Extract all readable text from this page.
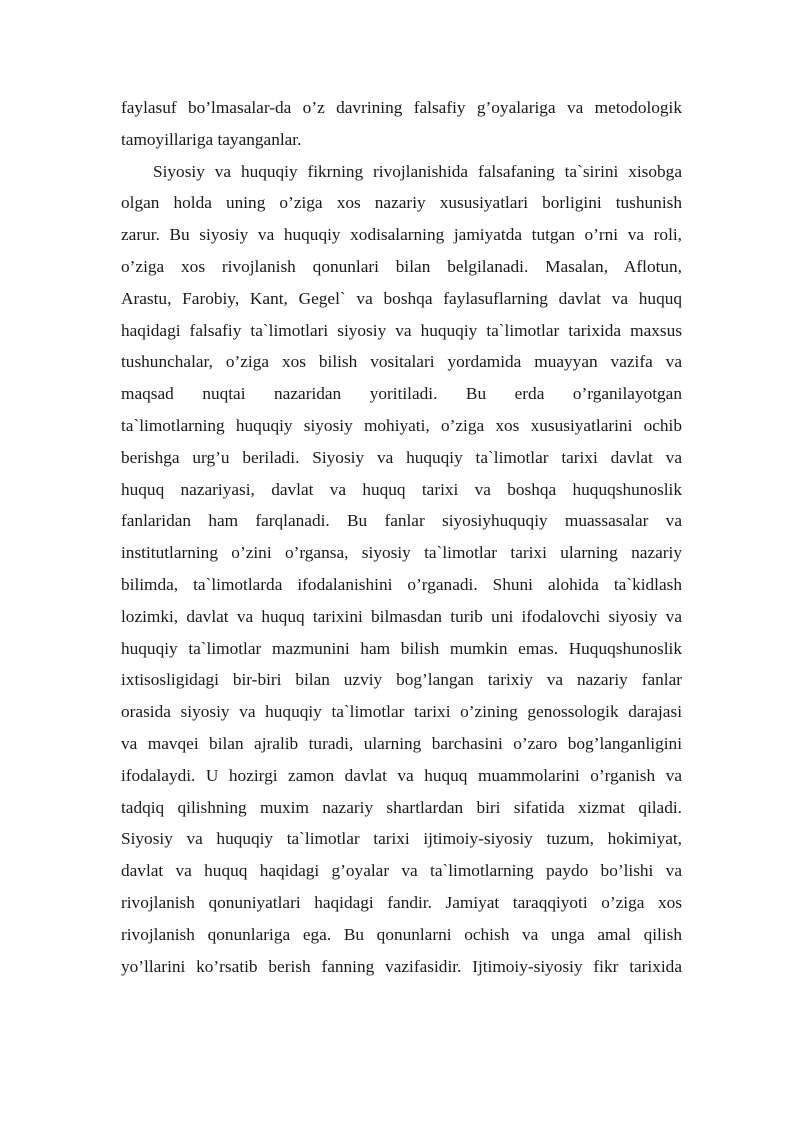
faylasuf bo’lmasalar-da o’z davrining falsafiy g’oyalariga va metodologik
tamoyillariga tayanganlar.
Siyosiy va huquqiy fikrning rivojlanishida falsafaning ta`sirini xisobga
olgan holda uning o’ziga xos nazariy xususiyatlari borligini tushunish
zarur. Bu siyosiy va huquqiy xodisalarning jamiyatda tutgan o’rni va roli,
o’ziga xos rivojlanish qonunlari bilan belgilanadi. Masalan, Aflotun,
Arastu, Farobiy, Kant, Gegel` va boshqa faylasuflarning davlat va huquq
haqidagi falsafiy ta`limotlari siyosiy va huquqiy ta`limotlar tarixida maxsus
tushunchalar, o’ziga xos bilish vositalari yordamida muayyan vazifa va
maqsad nuqtai nazaridan yoritiladi. Bu erda o’rganilayotgan
ta`limotlarning huquqiy siyosiy mohiyati, o’ziga xos xususiyatlarini ochib
berishga urg’u beriladi. Siyosiy va huquqiy ta`limotlar tarixi davlat va
huquq nazariyasi, davlat va huquq tarixi va boshqa huquqshunoslik
fanlaridan ham farqlanadi. Bu fanlar siyosiyhuquqiy muassasalar va
institutlarning o’zini o’rgansa, siyosiy ta`limotlar tarixi ularning nazariy
bilimda, ta`limotlarda ifodalanishini o’rganadi. Shuni alohida ta`kidlash
lozimki, davlat va huquq tarixini bilmasdan turib uni ifodalovchi siyosiy va
huquqiy ta`limotlar mazmunini ham bilish mumkin emas. Huquqshunoslik
ixtisosligidagi bir-biri bilan uzviy bog’langan tarixiy va nazariy fanlar
orasida siyosiy va huquqiy ta`limotlar tarixi o’zining genossologik darajasi
va mavqei bilan ajralib turadi, ularning barchasini o’zaro bog’langanligini
ifodalaydi. U hozirgi zamon davlat va huquq muammolarini o’rganish va
tadqiq qilishning muxim nazariy shartlardan biri sifatida xizmat qiladi.
Siyosiy va huquqiy ta`limotlar tarixi ijtimoiy-siyosiy tuzum, hokimiyat,
davlat va huquq haqidagi g’oyalar va ta`limotlarning paydo bo’lishi va
rivojlanish qonuniyatlari haqidagi fandir. Jamiyat taraqqiyoti o’ziga xos
rivojlanish qonunlariga ega. Bu qonunlarni ochish va unga amal qilish
yo’llarini ko’rsatib berish fanning vazifasidir. Ijtimoiy-siyosiy fikr tarixida
